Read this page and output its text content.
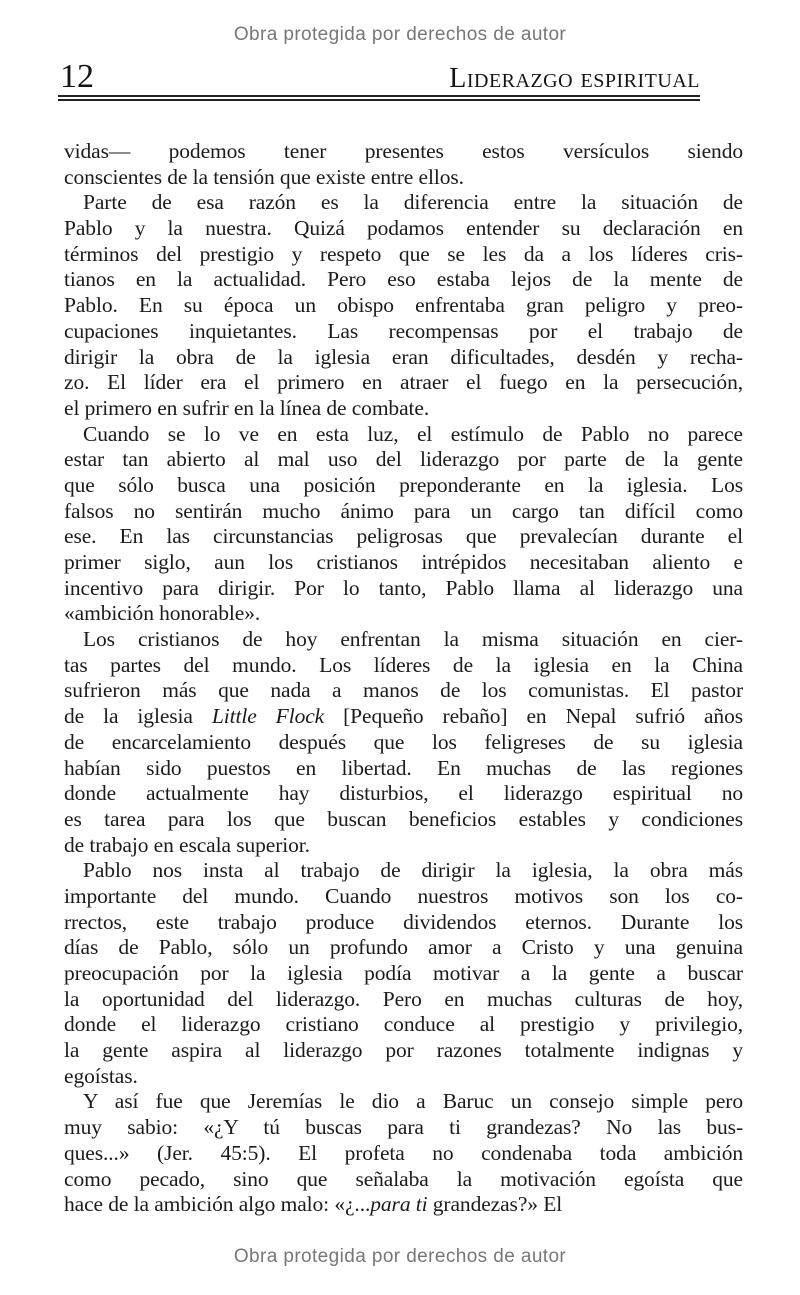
Obra protegida por derechos de autor
12	Liderazgo espiritual
vidas— podemos tener presentes estos versículos siendo
conscientes de la tensión que existe entre ellos.
Parte de esa razón es la diferencia entre la situación de
Pablo y la nuestra. Quizá podamos entender su declaración en
términos del prestigio y respeto que se les da a los líderes cris-
tianos en la actualidad. Pero eso estaba lejos de la mente de
Pablo. En su época un obispo enfrentaba gran peligro y preo-
cupaciones inquietantes. Las recompensas por el trabajo de
dirigir la obra de la iglesia eran dificultades, desdén y recha-
zo. El líder era el primero en atraer el fuego en la persecución,
el primero en sufrir en la línea de combate.
Cuando se lo ve en esta luz, el estímulo de Pablo no parece
estar tan abierto al mal uso del liderazgo por parte de la gente
que sólo busca una posición preponderante en la iglesia. Los
falsos no sentirán mucho ánimo para un cargo tan difícil como
ese. En las circunstancias peligrosas que prevalecían durante el
primer siglo, aun los cristianos intrépidos necesitaban aliento e
incentivo para dirigir. Por lo tanto, Pablo llama al liderazgo una
«ambición honorable».
Los cristianos de hoy enfrentan la misma situación en cier-
tas partes del mundo. Los líderes de la iglesia en la China
sufrieron más que nada a manos de los comunistas. El pastor
de la iglesia Little Flock [Pequeño rebaño] en Nepal sufrió años
de encarcelamiento después que los feligreses de su iglesia
habían sido puestos en libertad. En muchas de las regiones
donde actualmente hay disturbios, el liderazgo espiritual no
es tarea para los que buscan beneficios estables y condiciones
de trabajo en escala superior.
Pablo nos insta al trabajo de dirigir la iglesia, la obra más
importante del mundo. Cuando nuestros motivos son los co-
rrectos, este trabajo produce dividendos eternos. Durante los
días de Pablo, sólo un profundo amor a Cristo y una genuina
preocupación por la iglesia podía motivar a la gente a buscar
la oportunidad del liderazgo. Pero en muchas culturas de hoy,
donde el liderazgo cristiano conduce al prestigio y privilegio,
la gente aspira al liderazgo por razones totalmente indignas y
egoístas.
Y así fue que Jeremías le dio a Baruc un consejo simple pero
muy sabio: «¿Y tú buscas para ti grandezas? No las bus-
ques...» (Jer. 45:5). El profeta no condenaba toda ambición
como pecado, sino que señalaba la motivación egoísta que
hace de la ambición algo malo: «¿...para ti grandezas?» El
Obra protegida por derechos de autor
